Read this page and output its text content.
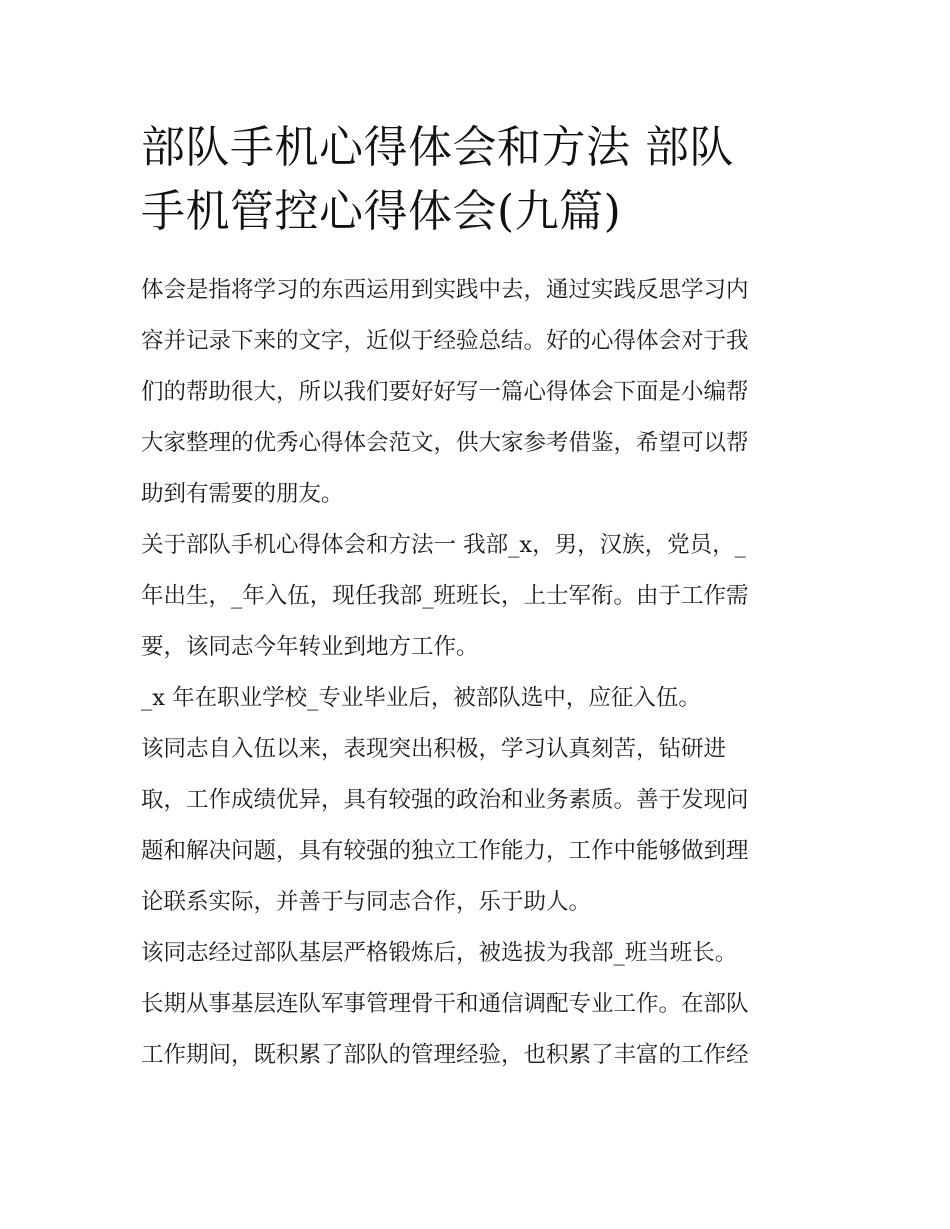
部队手机心得体会和方法 部队
手机管控心得体会(九篇)

体会是指将学习的东西运用到实践中去，通过实践反思学习内
容并记录下来的文字，近似于经验总结。好的心得体会对于我
们的帮助很大，所以我们要好好写一篇心得体会下面是小编帮
大家整理的优秀心得体会范文，供大家参考借鉴，希望可以帮
助到有需要的朋友。

关于部队手机心得体会和方法一 我部_x，男，汉族，党员，_
年出生，_年入伍，现任我部_班班长，上士军衔。由于工作需
要，该同志今年转业到地方工作。

_x 年在职业学校_专业毕业后，被部队选中，应征入伍。

该同志自入伍以来，表现突出积极，学习认真刻苦，钻研进
取，工作成绩优异，具有较强的政治和业务素质。善于发现问
题和解决问题，具有较强的独立工作能力，工作中能够做到理
论联系实际，并善于与同志合作，乐于助人。

该同志经过部队基层严格锻炼后，被选拔为我部_班当班长。

长期从事基层连队军事管理骨干和通信调配专业工作。在部队
工作期间，既积累了部队的管理经验，也积累了丰富的工作经
